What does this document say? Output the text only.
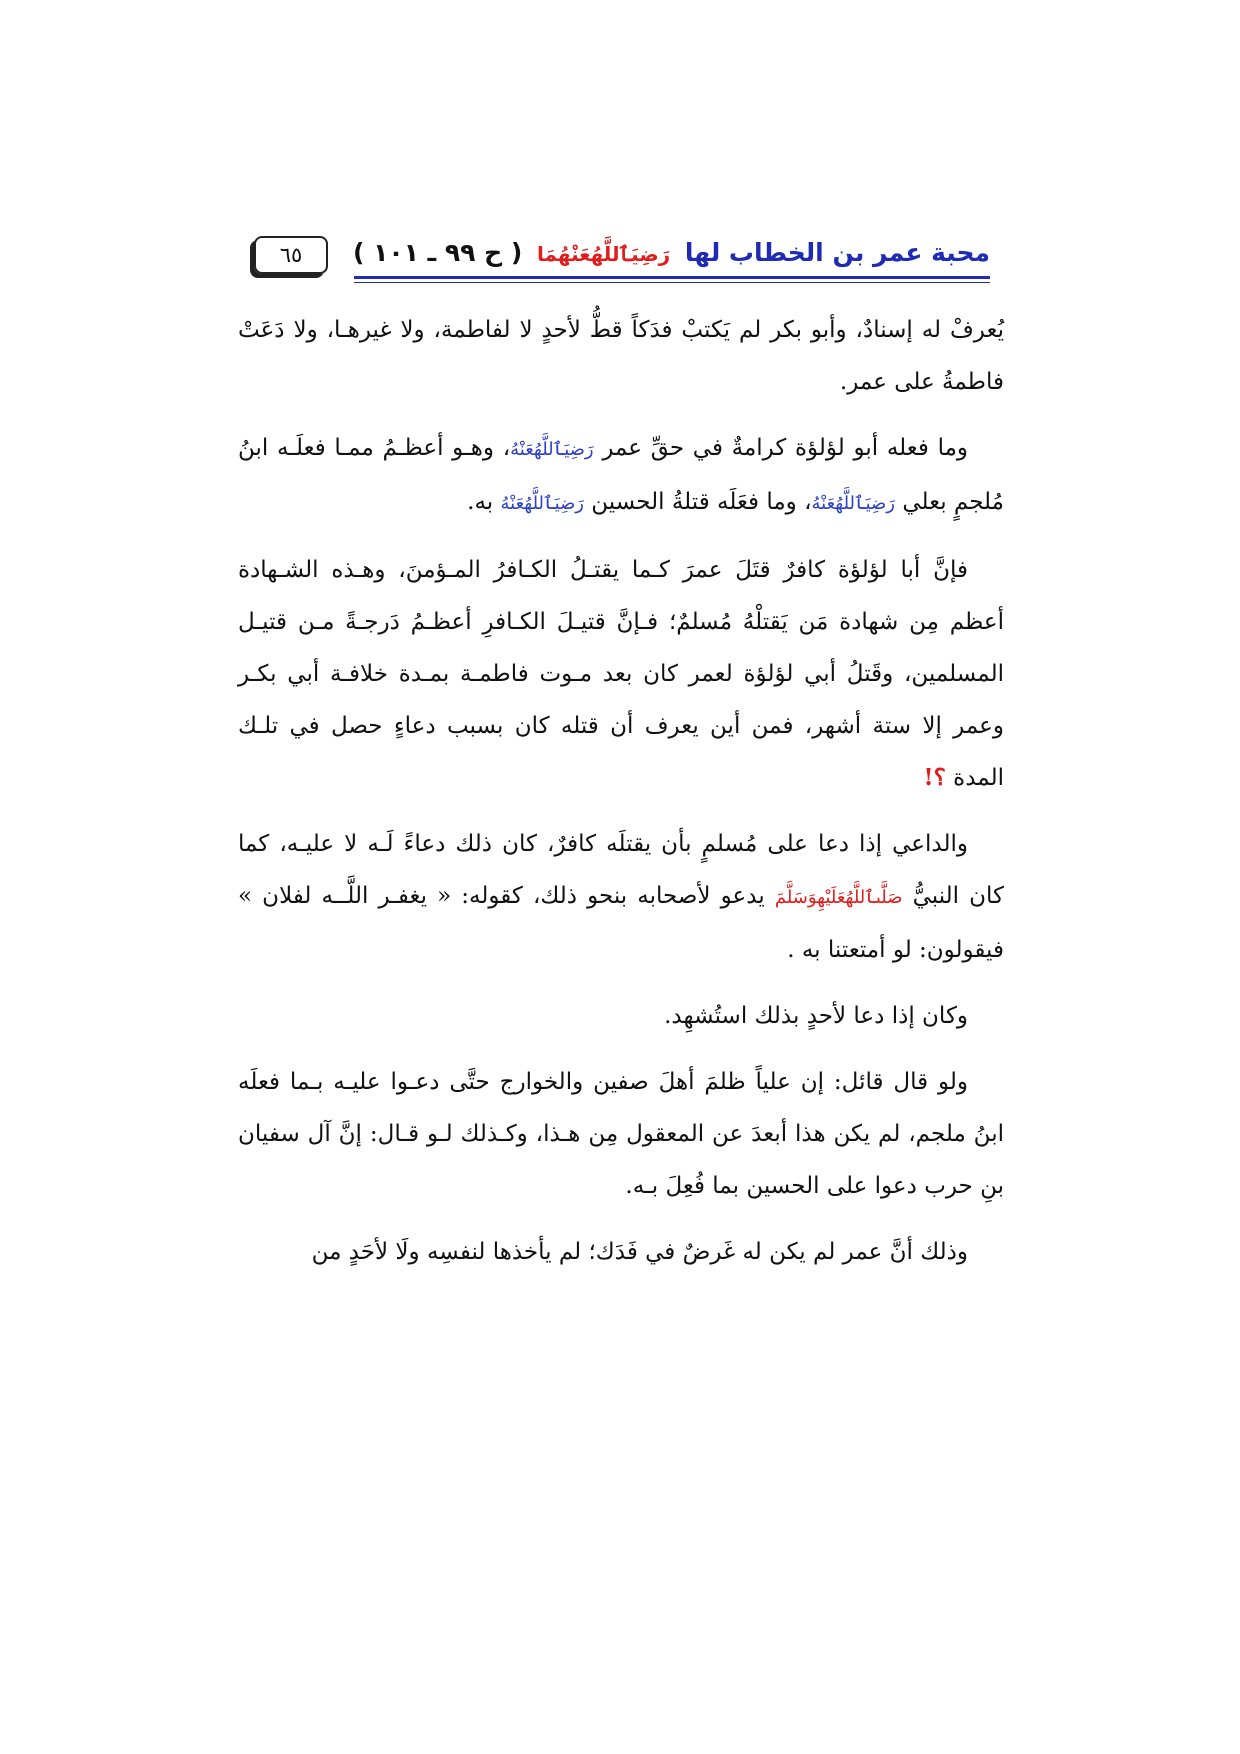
محبة عمر بن الخطاب لها رَضِيَٱللَّهُعَنْهُمَا ( ح ٩٩ ـ ١٠١ )
٦٥

يُعرفْ له إسنادٌ، وأبو بكر لم يَكتبْ فدَكاً قطُّ لأحدٍ لا لفاطمة، ولا غيرهـا، ولا دَعَتْ فاطمةُ على عمر.

وما فعله أبو لؤلؤة كرامةٌ في حقِّ عمر رَضِيَٱللَّهُعَنْهُ، وهـو أعظـمُ ممـا فعلَـه ابنُ مُلجمٍ بعلي رَضِيَٱللَّهُعَنْهُ، وما فعَلَه قتلةُ الحسين رَضِيَٱللَّهُعَنْهُ به.

فإنَّ أبا لؤلؤة كافرٌ قتَلَ عمرَ كـما يقتـلُ الكـافرُ المـؤمنَ، وهـذه الشـهادة أعظم مِن شهادة مَن يَقتلْهُ مُسلمٌ؛ فـإنَّ قتيـلَ الكـافرِ أعظـمُ دَرجـةً مـن قتيـل المسلمين، وقَتلُ أبي لؤلؤة لعمر كان بعد مـوت فاطمـة بمـدة خلافـة أبي بكـر وعمر إلا ستة أشهر، فمن أين يعرف أن قتله كان بسبب دعاءٍ حصل في تلـك المدة ؟!

والداعي إذا دعا على مُسلمٍ بأن يقتلَه كافرٌ، كان ذلك دعاءً لَـه لا عليـه، كما كان النبيُّ صَلَّىٱللَّهُعَلَيْهِوَسَلَّمَ يدعو لأصحابه بنحو ذلك، كقوله: « يغفـر اللَّــه لفلان » فيقولون: لو أمتعتنا به .

وكان إذا دعا لأحدٍ بذلك استُشهِد.

ولو قال قائل: إن علياً ظلمَ أهلَ صفين والخوارج حتَّى دعـوا عليـه بـما فعلَه ابنُ ملجم، لم يكن هذا أبعدَ عن المعقول مِن هـذا، وكـذلك لـو قـال: إنَّ آل سفيان بنِ حرب دعوا على الحسين بما فُعِلَ بـه.

وذلك أنَّ عمر لم يكن له غَرضٌ في فَدَك؛ لم يأخذها لنفسِه ولَا لأحَدٍ من
